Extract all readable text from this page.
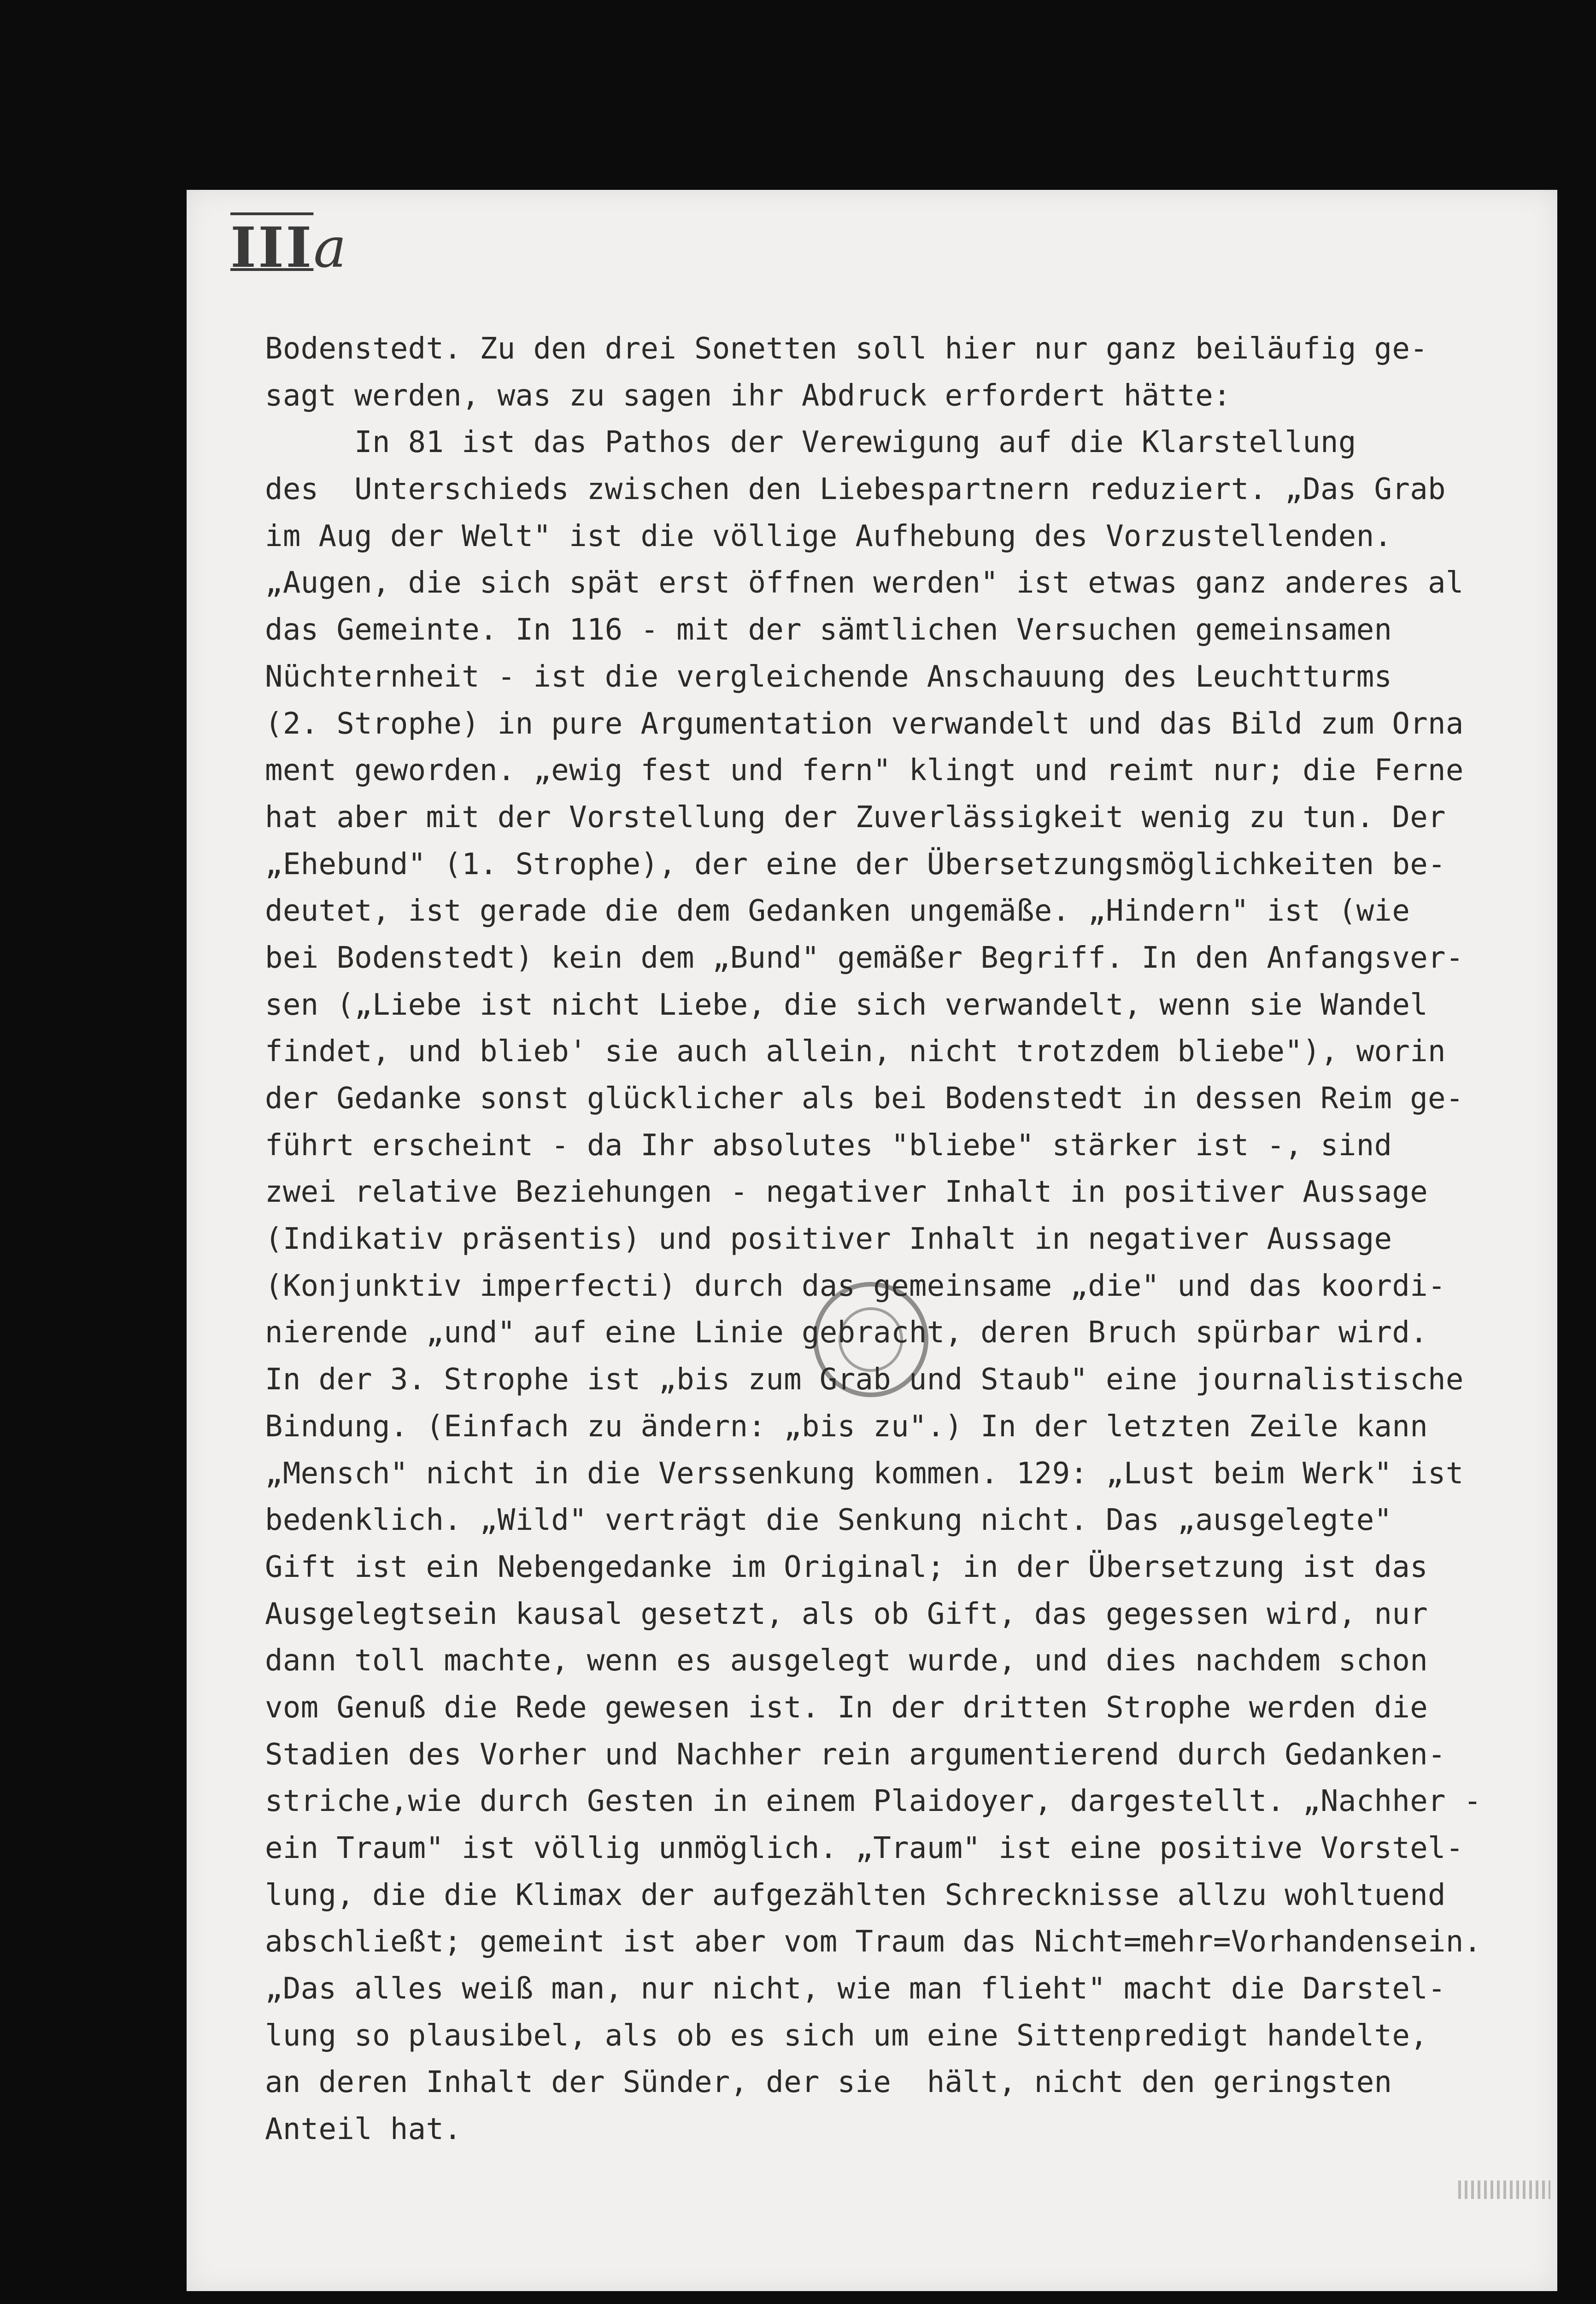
IIIa
Bodenstedt. Zu den drei Sonetten soll hier nur ganz beiläufig ge-
sagt werden, was zu sagen ihr Abdruck erfordert hätte:
In 81 ist das Pathos der Verewigung auf die Klarstellung
des  Unterschieds zwischen den Liebespartnern reduziert. „Das Grab
im Aug der Welt" ist die völlige Aufhebung des Vorzustellenden.
„Augen, die sich spät erst öffnen werden" ist etwas ganz anderes al
das Gemeinte. In 116 - mit der sämtlichen Versuchen gemeinsamen
Nüchternheit - ist die vergleichende Anschauung des Leuchtturms
(2. Strophe) in pure Argumentation verwandelt und das Bild zum Orna
ment geworden. „ewig fest und fern" klingt und reimt nur; die Ferne
hat aber mit der Vorstellung der Zuverlässigkeit wenig zu tun. Der
„Ehebund" (1. Strophe), der eine der Übersetzungsmöglichkeiten be-
deutet, ist gerade die dem Gedanken ungemäße. „Hindern" ist (wie
bei Bodenstedt) kein dem „Bund" gemäßer Begriff. In den Anfangsver-
sen („Liebe ist nicht Liebe, die sich verwandelt, wenn sie Wandel
findet, und blieb' sie auch allein, nicht trotzdem bliebe"), worin
der Gedanke sonst glücklicher als bei Bodenstedt in dessen Reim ge-
führt erscheint - da Ihr absolutes "bliebe" stärker ist -, sind
zwei relative Beziehungen - negativer Inhalt in positiver Aussage
(Indikativ präsentis) und positiver Inhalt in negativer Aussage
(Konjunktiv imperfecti) durch das gemeinsame „die" und das koordi-
nierende „und" auf eine Linie gebracht, deren Bruch spürbar wird.
In der 3. Strophe ist „bis zum Grab und Staub" eine journalistische
Bindung. (Einfach zu ändern: „bis zu".) In der letzten Zeile kann
„Mensch" nicht in die Verssenkung kommen. 129: „Lust beim Werk" ist
bedenklich. „Wild" verträgt die Senkung nicht. Das „ausgelegte"
Gift ist ein Nebengedanke im Original; in der Übersetzung ist das
Ausgelegtsein kausal gesetzt, als ob Gift, das gegessen wird, nur
dann toll machte, wenn es ausgelegt wurde, und dies nachdem schon
vom Genuß die Rede gewesen ist. In der dritten Strophe werden die
Stadien des Vorher und Nachher rein argumentierend durch Gedanken-
striche,wie durch Gesten in einem Plaidoyer, dargestellt. „Nachher -
ein Traum" ist völlig unmöglich. „Traum" ist eine positive Vorstel-
lung, die die Klimax der aufgezählten Schrecknisse allzu wohltuend
abschließt; gemeint ist aber vom Traum das Nicht=mehr=Vorhandensein.
„Das alles weiß man, nur nicht, wie man flieht" macht die Darstel-
lung so plausibel, als ob es sich um eine Sittenpredigt handelte,
an deren Inhalt der Sünder, der sie  hält, nicht den geringsten
Anteil hat.
